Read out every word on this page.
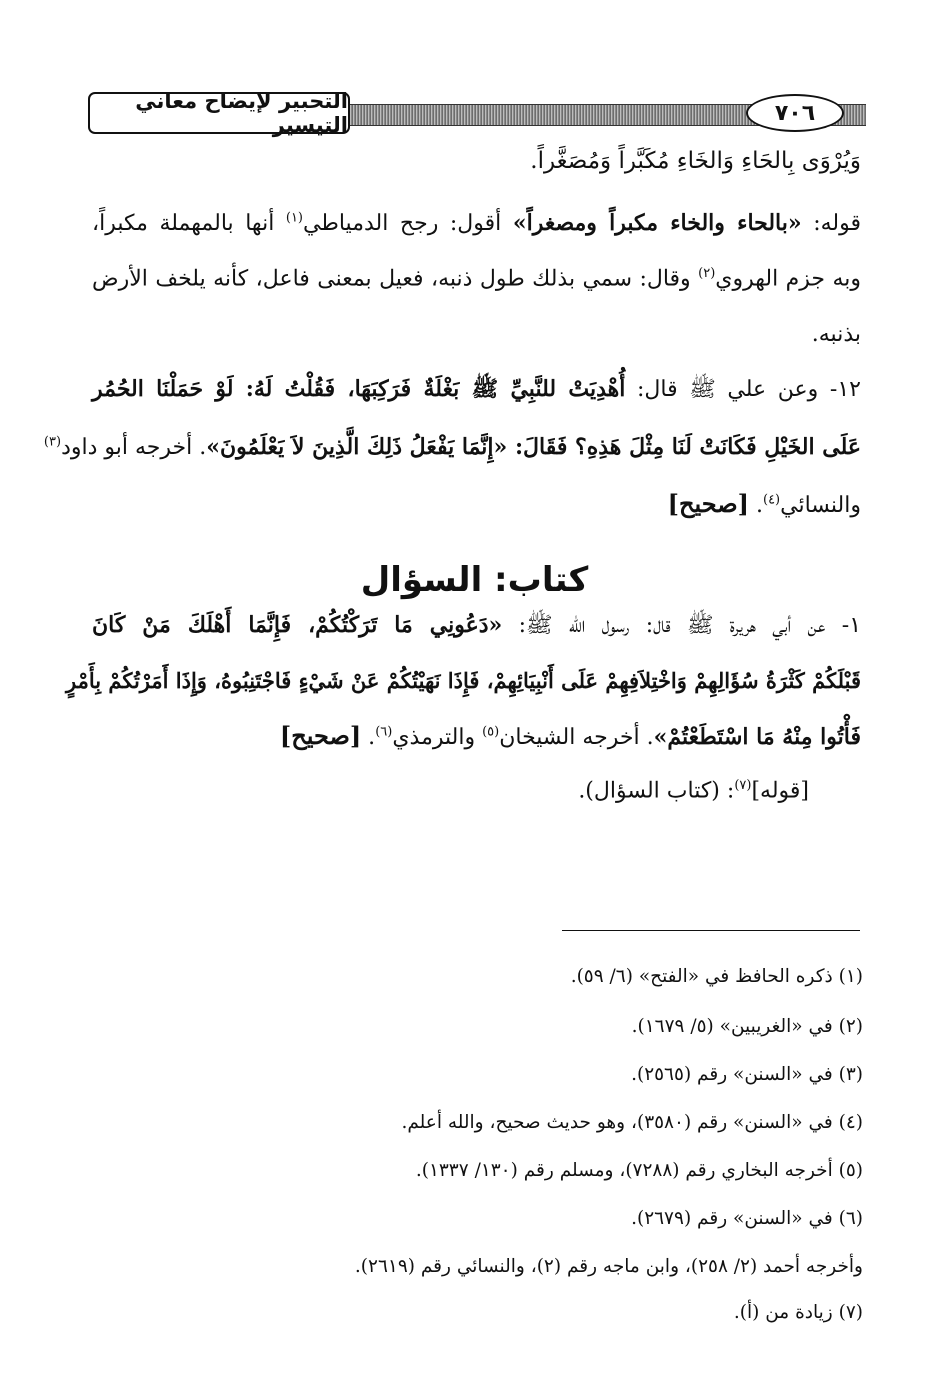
التحبير لإيضاح معاني التيسير	٧٠٦
وَيُرْوَى بِالحَاءِ وَالخَاءِ مُكَبَّراً وَمُصَغَّراً.
قوله: «بالحاء والخاء مكبراً ومصغراً» أقول: رجح الدمياطي$^{(١)}$ أنها بالمهملة مكبراً،
وبه جزم الهروي$^{(٢)}$ وقال: سمي بذلك طول ذنبه، فعيل بمعنى فاعل، كأنه يلخف الأرض
بذنبه.
١٢- وعن علي ﷺ قال: أُهْدِيَتْ للنَّبِيِّ ﷺ بَغْلَةٌ فَرَكِبَهَا، فَقُلْتُ لَهُ: لَوْ حَمَلْنَا الحُمُر
عَلَى الخَيْلِ فَكَانَتْ لَنَا مِثْلَ هَذِهِ؟ فَقَالَ: «إِنَّمَا يَفْعَلُ ذَلِكَ الَّذِينَ لاَ يَعْلَمُونَ». أخرجه أبو داود$^{(٣)}$
والنسائي$^{(٤)}$. [صحيح]
كتاب: السؤال
١- عن أبي هريرة ﷺ قال: رسول الله ﷺ: «دَعُونِي مَا تَرَكْتُكُمْ، فَإِنَّمَا أَهْلَكَ مَنْ كَانَ
قَبْلَكُمْ كَثْرَةُ سُؤَالِهِمْ وَاخْتِلاَفِهِمْ عَلَى أَنْبِيَائِهِمْ، فَإِذَا نَهَيْتُكُمْ عَنْ شَيْءٍ فَاجْتَنِبُوهُ، وَإِذَا أَمَرْتُكُمْ بِأَمْرٍ
فَأْتُوا مِنْهُ مَا اسْتَطَعْتُمْ». أخرجه الشيخان$^{(٥)}$ والترمذي$^{(٦)}$. [صحيح]
[قوله]$^{(٧)}$: (كتاب السؤال).
(١) ذكره الحافظ في «الفتح» (٦/ ٥٩).
(٢) في «الغريبين» (٥/ ١٦٧٩).
(٣) في «السنن» رقم (٢٥٦٥).
(٤) في «السنن» رقم (٣٥٨٠)، وهو حديث صحيح، والله أعلم.
(٥) أخرجه البخاري رقم (٧٢٨٨)، ومسلم رقم (١٣٠/ ١٣٣٧).
(٦) في «السنن» رقم (٢٦٧٩).
وأخرجه أحمد (٢/ ٢٥٨)، وابن ماجه رقم (٢)، والنسائي رقم (٢٦١٩).
(٧) زيادة من (أ).
